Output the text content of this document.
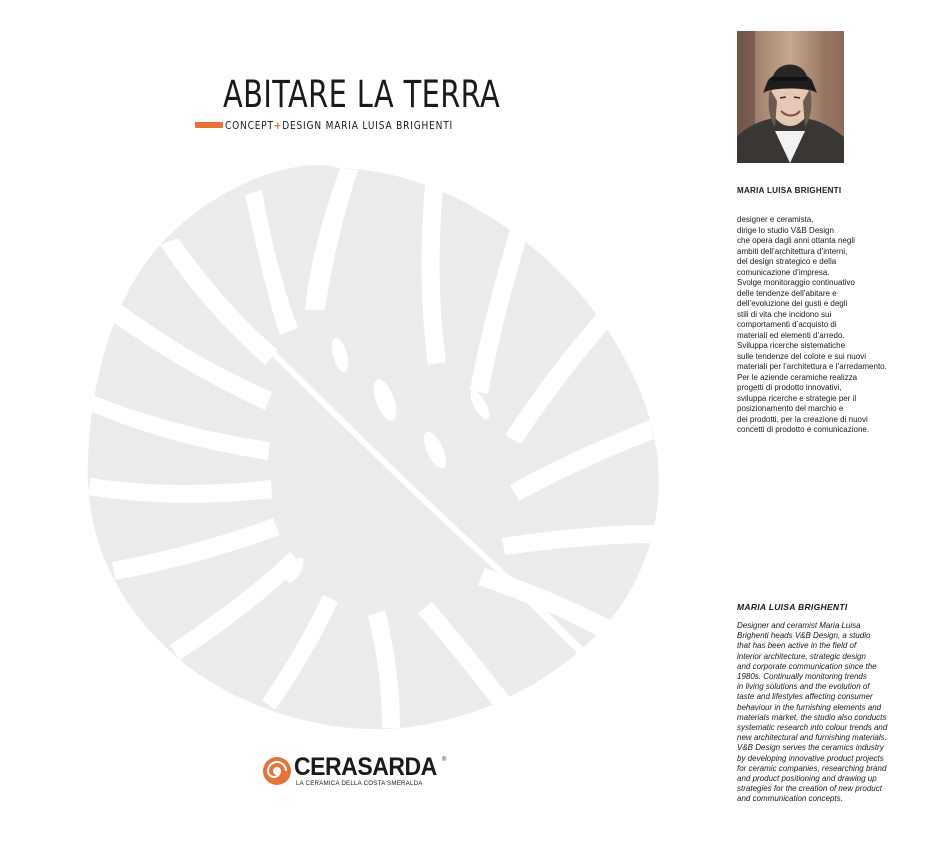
ABITARE LA TERRA
CONCEPT+DESIGN MARIA LUISA BRIGHENTI
MARIA LUISA BRIGHENTI
designer e ceramista,
dirige lo studio V&B Design
che opera dagli anni ottanta negli
ambiti dell’architettura d’interni,
del design strategico e della
comunicazione d’impresa.
Svolge monitoraggio continuativo
delle tendenze dell’abitare e
dell’evoluzione dei gusti e degli
stili di vita che incidono sui
comportamenti d’acquisto di
materiali ed elementi d’arredo.
Sviluppa ricerche sistematiche
sulle tendenze del colore e sui nuovi
materiali per l’architettura e l’arredamento.
Per le aziende ceramiche realizza
progetti di prodotto innovativi,
sviluppa ricerche e strategie per il
posizionamento del marchio e
dei prodotti, per la creazione di nuovi
concetti di prodotto e comunicazione.
MARIA LUISA BRIGHENTI
Designer and ceramist Maria Luisa
Brighenti heads V&B Design, a studio
that has been active in the field of
interior architecture, strategic design
and corporate communication since the
1980s. Continually monitoring trends
in living solutions and the evolution of
taste and lifestyles affecting consumer
behaviour in the furnishing elements and
materials market, the studio also conducts
systematic research into colour trends and
new architectural and furnishing materials.
V&B Design serves the ceramics industry
by developing innovative product projects
for ceramic companies, researching brand
and product positioning and drawing up
strategies for the creation of new product
and communication concepts.
CERASARDA ®
LA CERAMICA DELLA COSTA SMERALDA
